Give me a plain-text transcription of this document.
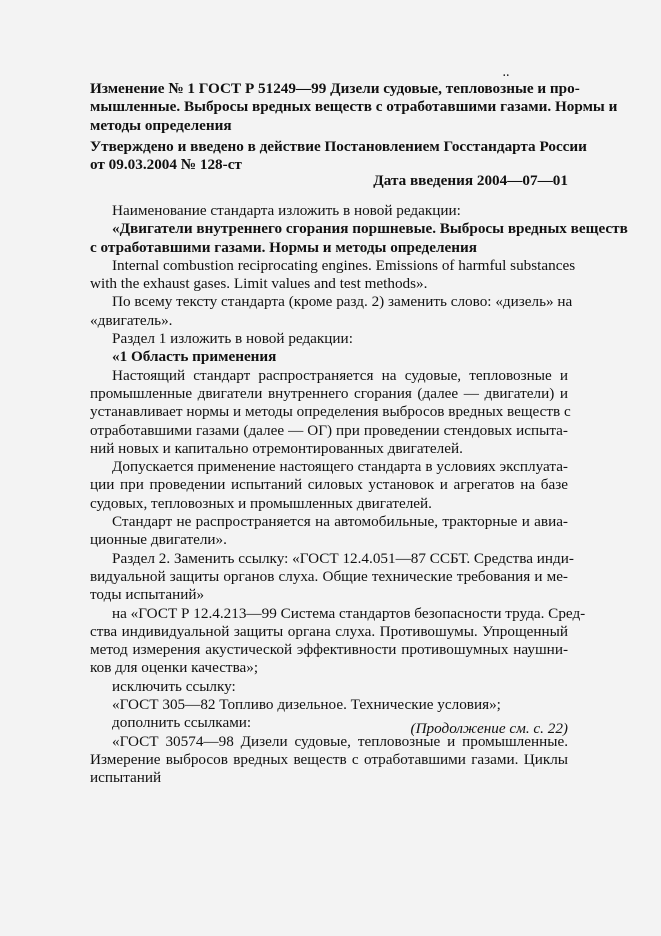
..
Изменение № 1 ГОСТ Р 51249—99 Дизели судовые, тепловозные и про-
мышленные. Выбросы вредных веществ с отработавшими газами. Нормы и
методы определения
Утверждено и введено в действие Постановлением Госстандарта России
от 09.03.2004 № 128-ст
Дата введения 2004—07—01
Наименование стандарта изложить в новой редакции:
«Двигатели внутреннего сгорания поршневые. Выбросы вредных веществ
с отработавшими газами. Нормы и методы определения
Internal combustion reciprocating engines. Emissions of harmful substances
with the exhaust gases. Limit values and test methods».
По всему тексту стандарта (кроме разд. 2) заменить слово: «дизель» на
«двигатель».
Раздел 1 изложить в новой редакции:
«1 Область применения
Настоящий стандарт распространяется на судовые, тепловозные и
промышленные двигатели внутреннего сгорания (далее — двигатели) и
устанавливает нормы и методы определения выбросов вредных веществ с
отработавшими газами (далее — ОГ) при проведении стендовых испыта-
ний новых и капитально отремонтированных двигателей.
Допускается применение настоящего стандарта в условиях эксплуата-
ции при проведении испытаний силовых установок и агрегатов на базе
судовых, тепловозных и промышленных двигателей.
Стандарт не распространяется на автомобильные, тракторные и авиа-
ционные двигатели».
Раздел 2. Заменить ссылку: «ГОСТ 12.4.051—87 ССБТ. Средства инди-
видуальной защиты органов слуха. Общие технические требования и ме-
тоды испытаний»
на «ГОСТ Р 12.4.213—99 Система стандартов безопасности труда. Сред-
ства индивидуальной защиты органа слуха. Противошумы. Упрощенный
метод измерения акустической эффективности противошумных наушни-
ков для оценки качества»;
исключить ссылку:
«ГОСТ 305—82 Топливо дизельное. Технические условия»;
дополнить ссылками:
«ГОСТ 30574—98 Дизели судовые, тепловозные и промышленные.
Измерение выбросов вредных веществ с отработавшими газами. Циклы
испытаний
(Продолжение см. с. 22)
